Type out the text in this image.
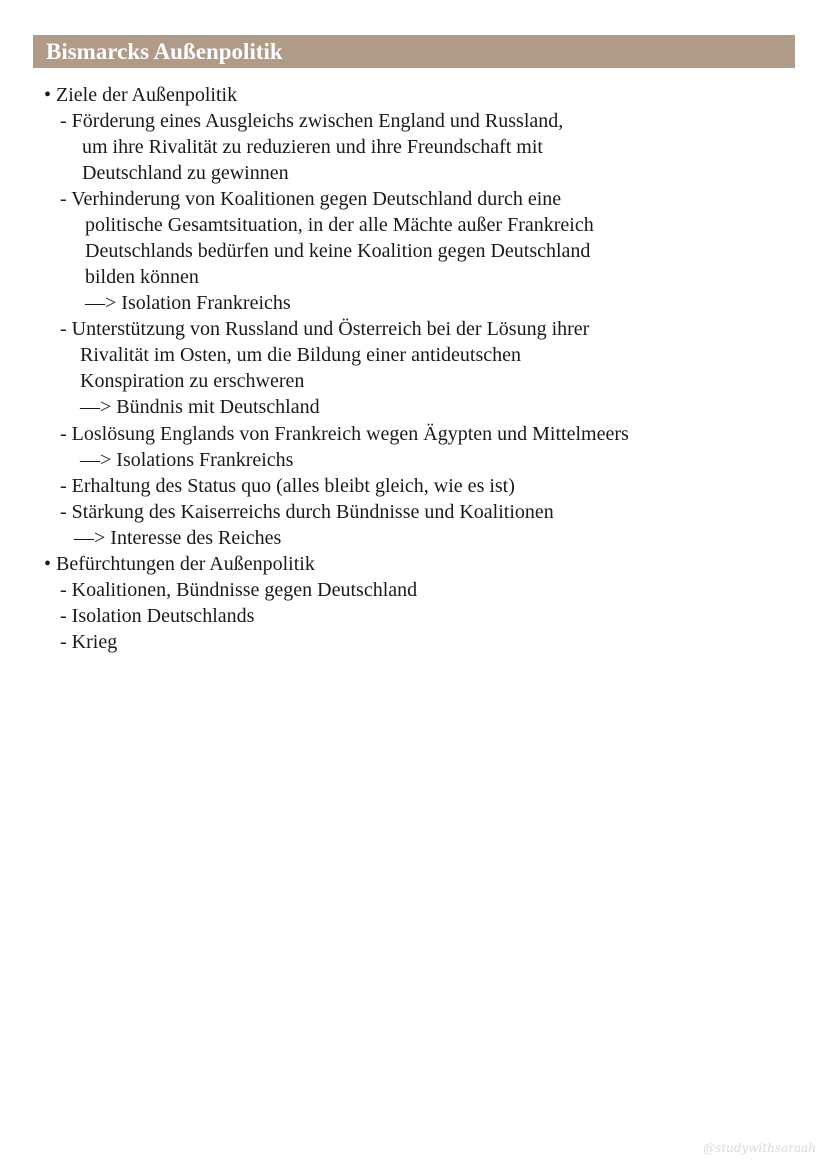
Bismarcks Außenpolitik
• Ziele der Außenpolitik
- Förderung eines Ausgleichs zwischen England und Russland,
um ihre Rivalität zu reduzieren und ihre Freundschaft mit
Deutschland zu gewinnen
- Verhinderung von Koalitionen gegen Deutschland durch eine
politische Gesamtsituation, in der alle Mächte außer Frankreich
Deutschlands bedürfen und keine Koalition gegen Deutschland
bilden können
—> Isolation Frankreichs
- Unterstützung von Russland und Österreich bei der Lösung ihrer
Rivalität im Osten, um die Bildung einer antideutschen
Konspiration zu erschweren
—> Bündnis mit Deutschland
- Loslösung Englands von Frankreich wegen Ägypten und Mittelmeers
—> Isolations Frankreichs
- Erhaltung des Status quo (alles bleibt gleich, wie es ist)
- Stärkung des Kaiserreichs durch Bündnisse und Koalitionen
—> Interesse des Reiches
• Befürchtungen der Außenpolitik
- Koalitionen, Bündnisse gegen Deutschland
- Isolation Deutschlands
- Krieg
@studywithsaraah
